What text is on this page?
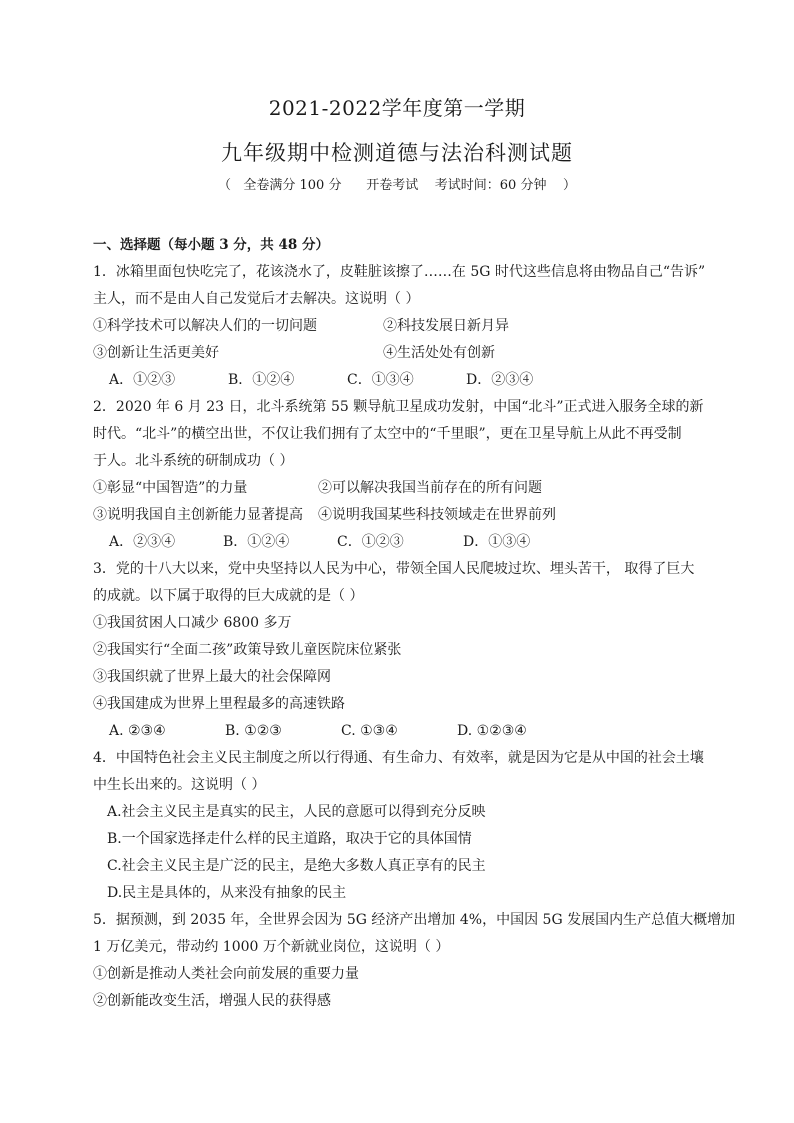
2021-2022学年度第一学期
九年级期中检测道德与法治科测试题
（   全卷满分 100 分      开卷考试    考试时间：60 分钟    ）
一、选择题（每小题 3 分，共 48 分）
1．冰箱里面包快吃完了，花该浇水了，皮鞋脏该擦了……在 5G 时代这些信息将由物品自己“告诉”
主人，而不是由人自己发觉后才去解决。这说明（ ）
①科学技术可以解决人们的一切问题	②科技发展日新月异
③创新让生活更美好	④生活处处有创新
A．①②③	B．①②④	C．①③④	D．②③④
2．2020 年 6 月 23 日，北斗系统第 55 颗导航卫星成功发射，中国“北斗”正式进入服务全球的新
时代。“北斗”的横空出世，不仅让我们拥有了太空中的“千里眼”，更在卫星导航上从此不再受制
于人。北斗系统的研制成功（ ）
①彰显“中国智造”的力量	②可以解决我国当前存在的所有问题
③说明我国自主创新能力显著提高	④说明我国某些科技领域走在世界前列
A．②③④	B．①②④	C．①②③	D．①③④
3．党的十八大以来，党中央坚持以人民为中心，带领全国人民爬坡过坎、埋头苦干， 取得了巨大
的成就。以下属于取得的巨大成就的是（ ）
①我国贫困人口减少 6800 多万
②我国实行“全面二孩”政策导致儿童医院床位紧张
③我国织就了世界上最大的社会保障网
④我国建成为世界上里程最多的高速铁路
A. ②③④	B. ①②③	C. ①③④	D. ①②③④
4．中国特色社会主义民主制度之所以行得通、有生命力、有效率，就是因为它是从中国的社会土壤
中生长出来的。这说明（ ）
A.社会主义民主是真实的民主，人民的意愿可以得到充分反映
B.一个国家选择走什么样的民主道路，取决于它的具体国情
C.社会主义民主是广泛的民主，是绝大多数人真正享有的民主
D.民主是具体的，从来没有抽象的民主
5．据预测，到 2035 年，全世界会因为 5G 经济产出增加 4%，中国因 5G 发展国内生产总值大概增加
1 万亿美元，带动约 1000 万个新就业岗位，这说明（ ）
①创新是推动人类社会向前发展的重要力量
②创新能改变生活，增强人民的获得感
